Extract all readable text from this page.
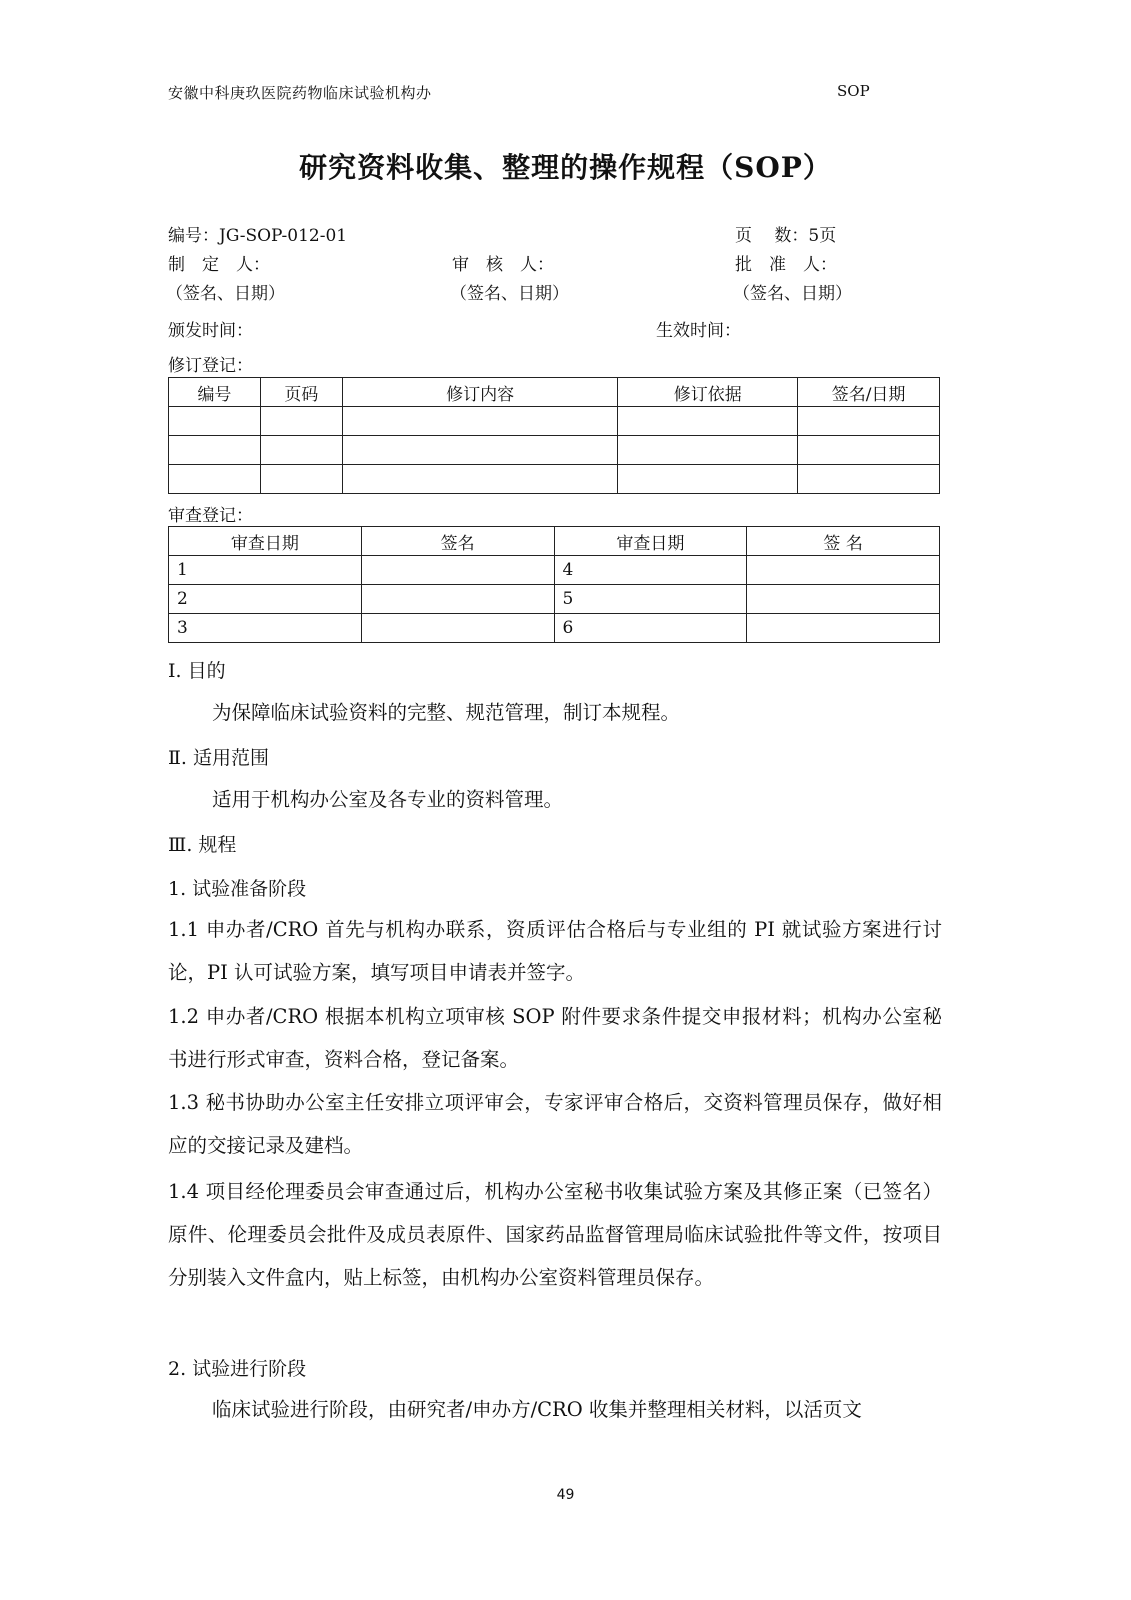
安徽中科庚玖医院药物临床试验机构办	SOP
研究资料收集、整理的操作规程（SOP）
编号：JG-SOP-012-01	页　 数：5页
制　定　人：	审　核　人：	批　准　人：
（签名、日期）	（签名、日期）	（签名、日期）
颁发时间：	生效时间：
修订登记：
编号	页码	修订内容	修订依据	签名/日期

审查登记：
审查日期	签名	审查日期	签 名
1		4	
2		5	
3		6	
Ⅰ. 目的
为保障临床试验资料的完整、规范管理，制订本规程。
Ⅱ. 适用范围
适用于机构办公室及各专业的资料管理。
Ⅲ. 规程
1. 试验准备阶段
1.1 申办者/CRO 首先与机构办联系，资质评估合格后与专业组的 PI 就试验方案进行讨论，PI 认可试验方案，填写项目申请表并签字。
1.2 申办者/CRO 根据本机构立项审核 SOP 附件要求条件提交申报材料；机构办公室秘书进行形式审查，资料合格，登记备案。
1.3 秘书协助办公室主任安排立项评审会，专家评审合格后，交资料管理员保存，做好相应的交接记录及建档。
1.4 项目经伦理委员会审查通过后，机构办公室秘书收集试验方案及其修正案（已签名）原件、伦理委员会批件及成员表原件、国家药品监督管理局临床试验批件等文件，按项目分别装入文件盒内，贴上标签，由机构办公室资料管理员保存。
2. 试验进行阶段
临床试验进行阶段，由研究者/申办方/CRO 收集并整理相关材料，以活页文
49
